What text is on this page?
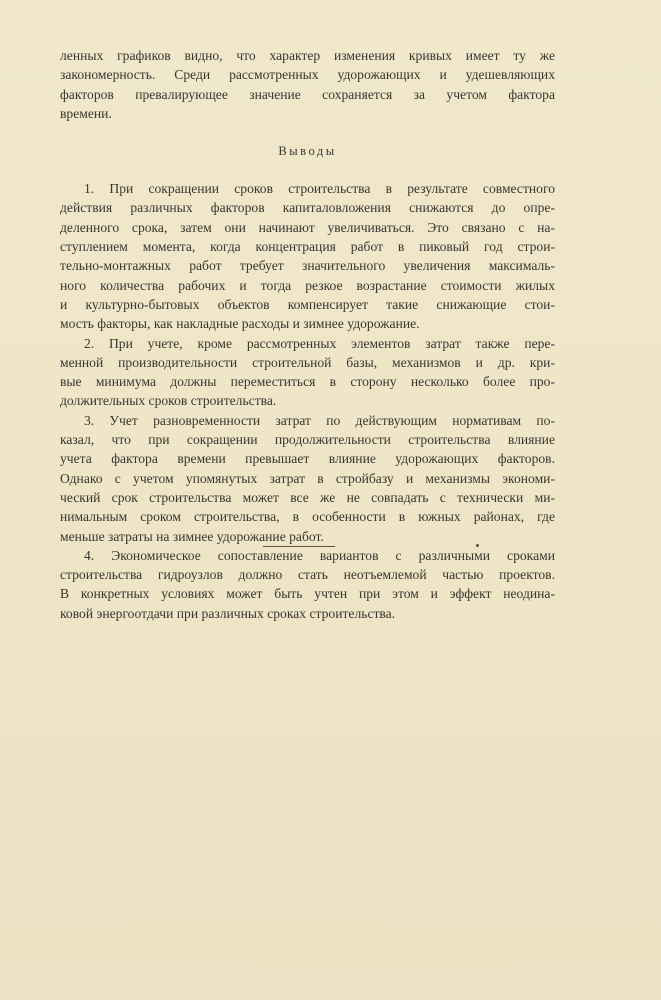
ленных графиков видно, что характер изменения кривых имеет ту же
закономерность. Среди рассмотренных удорожающих и удешевляющих
факторов превалирующее значение сохраняется за учетом фактора
времени.
Выводы
1. При сокращении сроков строительства в результате совместного
действия различных факторов капиталовложения снижаются до опре-
деленного срока, затем они начинают увеличиваться. Это связано с на-
ступлением момента, когда концентрация работ в пиковый год строи-
тельно-монтажных работ требует значительного увеличения максималь-
ного количества рабочих и тогда резкое возрастание стоимости жилых
и культурно-бытовых объектов компенсирует такие снижающие стои-
мость факторы, как накладные расходы и зимнее удорожание.
2. При учете, кроме рассмотренных элементов затрат также пере-
менной производительности строительной базы, механизмов и др. кри-
вые минимума должны переместиться в сторону несколько более про-
должительных сроков строительства.
3. Учет разновременности затрат по действующим нормативам по-
казал, что при сокращении продолжительности строительства влияние
учета фактора времени превышает влияние удорожающих факторов.
Однако с учетом упомянутых затрат в стройбазу и механизмы экономи-
ческий срок строительства может все же не совпадать с технически ми-
нимальным сроком строительства, в особенности в южных районах, где
меньше затраты на зимнее удорожание работ.
4. Экономическое сопоставление вариантов с различными сроками
строительства гидроузлов должно стать неотъемлемой частью проектов.
В конкретных условиях может быть учтен при этом и эффект неодина-
ковой энергоотдачи при различных сроках строительства.
